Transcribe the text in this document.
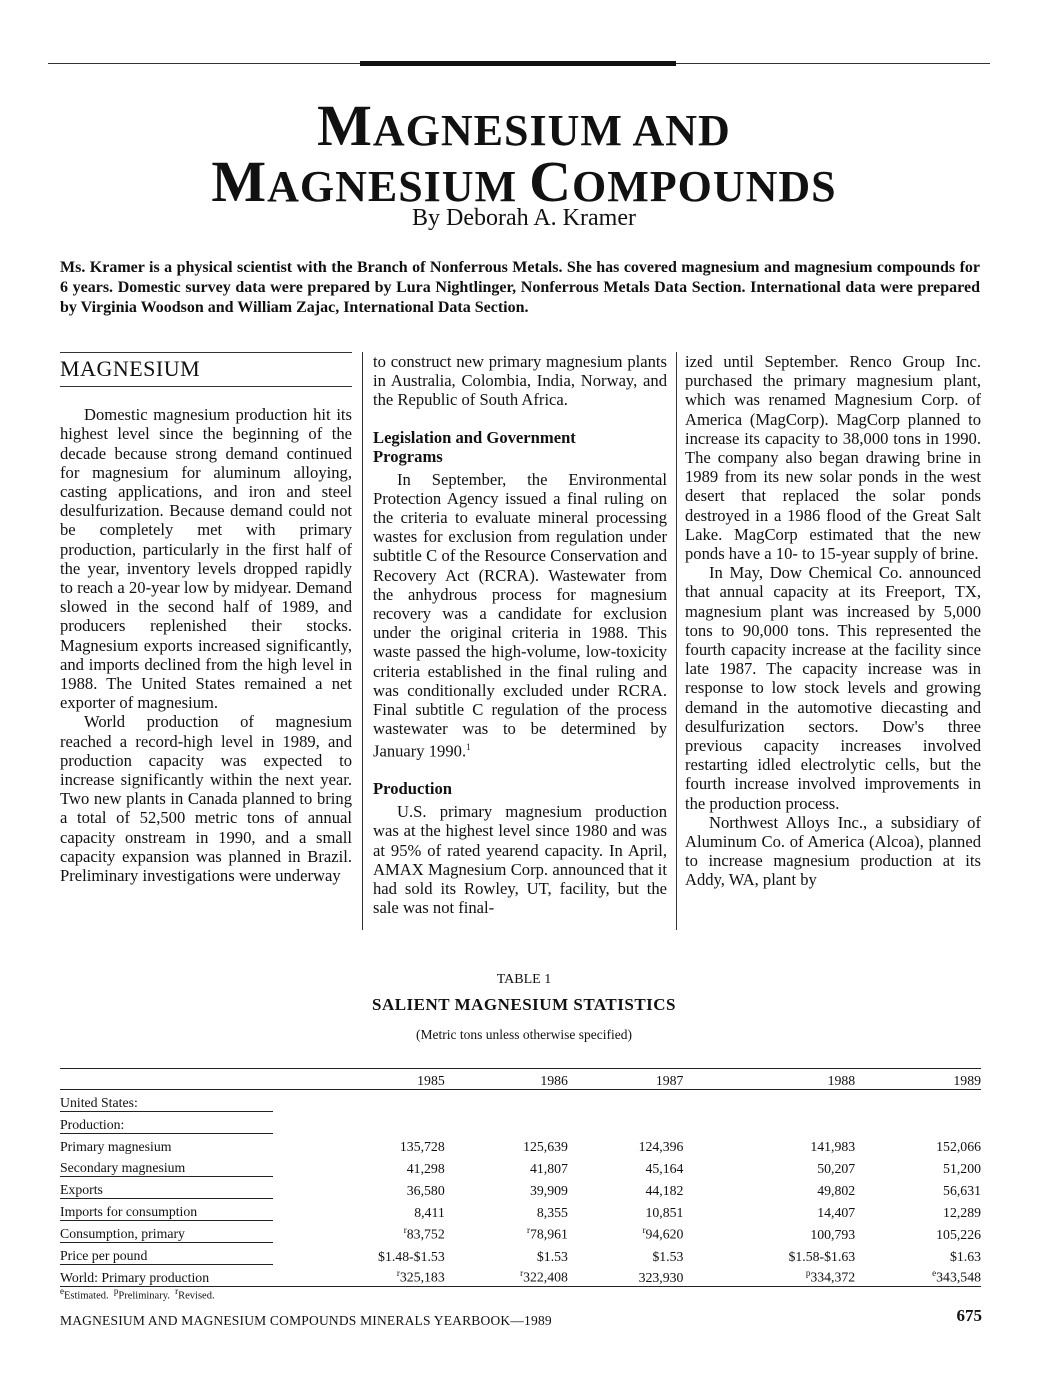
MAGNESIUM AND
MAGNESIUM COMPOUNDS
By Deborah A. Kramer
Ms. Kramer is a physical scientist with the Branch of Nonferrous Metals. She has covered magnesium and magnesium compounds for 6 years. Domestic survey data were prepared by Lura Nightlinger, Nonferrous Metals Data Section. International data were prepared by Virginia Woodson and William Zajac, International Data Section.
MAGNESIUM

Domestic magnesium production hit its highest level since the beginning of the decade because strong demand continued for magnesium for aluminum alloying, casting applications, and iron and steel desulfurization. Because demand could not be completely met with primary production, particularly in the first half of the year, inventory levels dropped rapidly to reach a 20-year low by midyear. Demand slowed in the second half of 1989, and producers replenished their stocks. Magnesium exports increased significantly, and imports declined from the high level in 1988. The United States remained a net exporter of magnesium.

World production of magnesium reached a record-high level in 1989, and production capacity was expected to increase significantly within the next year. Two new plants in Canada planned to bring a total of 52,500 metric tons of annual capacity onstream in 1990, and a small capacity expansion was planned in Brazil. Preliminary investigations were underway

to construct new primary magnesium plants in Australia, Colombia, India, Norway, and the Republic of South Africa.

Legislation and Government
Programs

In September, the Environmental Protection Agency issued a final ruling on the criteria to evaluate mineral processing wastes for exclusion from regulation under subtitle C of the Resource Conservation and Recovery Act (RCRA). Wastewater from the anhydrous process for magnesium recovery was a candidate for exclusion under the original criteria in 1988. This waste passed the high-volume, low-toxicity criteria established in the final ruling and was conditionally excluded under RCRA. Final subtitle C regulation of the process wastewater was to be determined by January 1990.$^1$

Production

U.S. primary magnesium production was at the highest level since 1980 and was at 95% of rated yearend capacity. In April, AMAX Magnesium Corp. announced that it had sold its Rowley, UT, facility, but the sale was not final-

ized until September. Renco Group Inc. purchased the primary magnesium plant, which was renamed Magnesium Corp. of America (MagCorp). MagCorp planned to increase its capacity to 38,000 tons in 1990. The company also began drawing brine in 1989 from its new solar ponds in the west desert that replaced the solar ponds destroyed in a 1986 flood of the Great Salt Lake. MagCorp estimated that the new ponds have a 10- to 15-year supply of brine.

In May, Dow Chemical Co. announced that annual capacity at its Freeport, TX, magnesium plant was increased by 5,000 tons to 90,000 tons. This represented the fourth capacity increase at the facility since late 1987. The capacity increase was in response to low stock levels and growing demand in the automotive diecasting and desulfurization sectors. Dow's three previous capacity increases involved restarting idled electrolytic cells, but the fourth increase involved improvements in the production process.

Northwest Alloys Inc., a subsidiary of Aluminum Co. of America (Alcoa), planned to increase magnesium production at its Addy, WA, plant by

TABLE 1
SALIENT MAGNESIUM STATISTICS
(Metric tons unless otherwise specified)
	1985	1986	1987	1988	1989
United States:					
Production:					
Primary magnesium	135,728	125,639	124,396	141,983	152,066
Secondary magnesium	41,298	41,807	45,164	50,207	51,200
Exports	36,580	39,909	44,182	49,802	56,631
Imports for consumption	8,411	8,355	10,851	14,407	12,289
Consumption, primary	$^r$83,752	$^r$78,961	$^r$94,620	100,793	105,226
Price per pound	$1.48-$1.53	$1.53	$1.53	$1.58-$1.63	$1.63
World: Primary production	$^r$325,183	$^r$322,408	323,930	$^p$334,372	$^e$343,548
$^e$Estimated.  $^p$Preliminary.  $^r$Revised.
MAGNESIUM AND MAGNESIUM COMPOUNDS MINERALS YEARBOOK—1989	675
